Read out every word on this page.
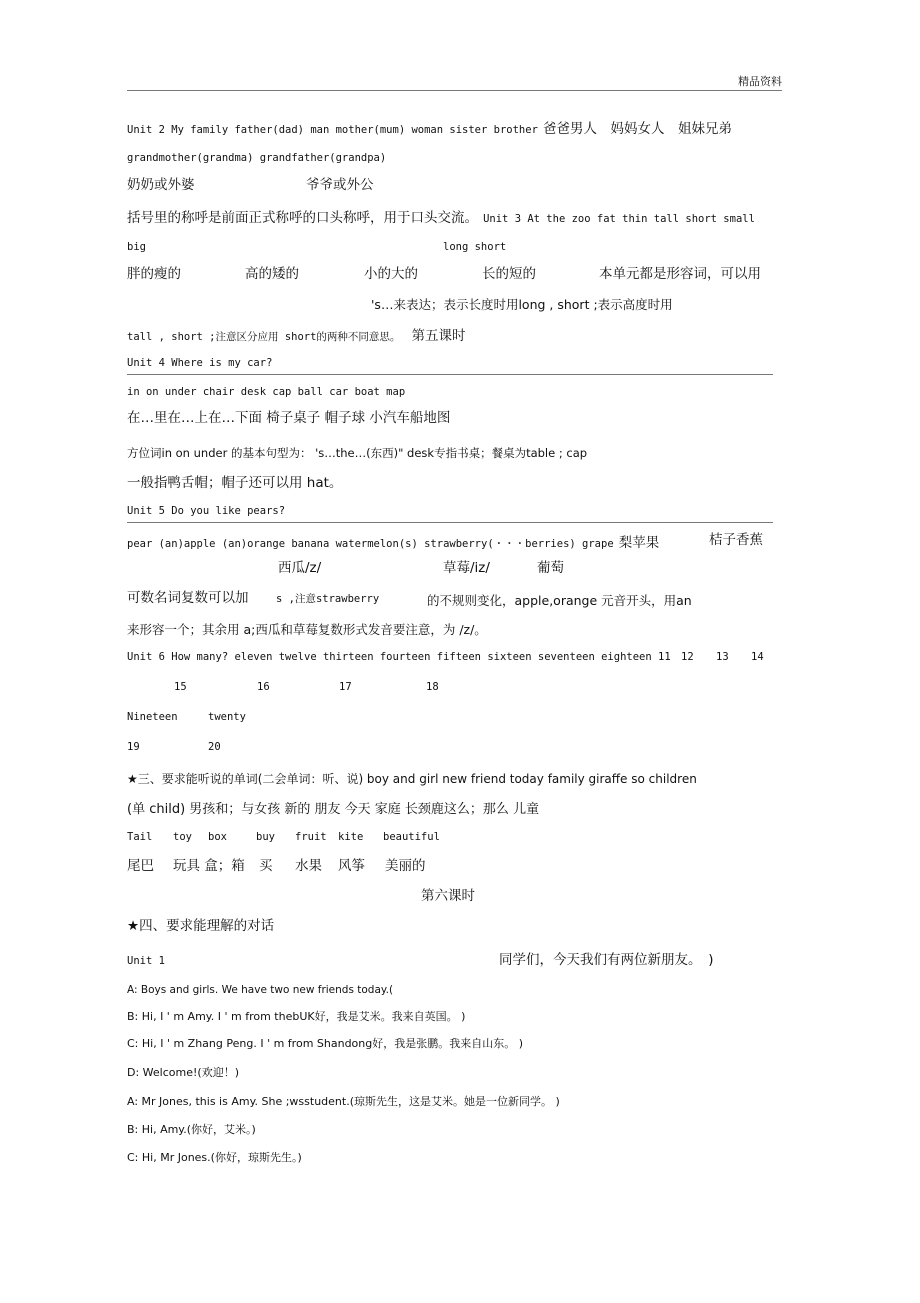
精品资料
Unit 2 My family father(dad) man mother(mum) woman sister brother 爸爸男人　妈妈女人　姐妹兄弟
grandmother(grandma) grandfather(grandpa)
奶奶或外婆	爷爷或外公
括号里的称呼是前面正式称呼的口头称呼，用于口头交流。 Unit 3 At the zoo fat thin tall short small
big	long short
胖的瘦的	高的矮的	小的大的	长的短的	本单元都是形容词，可以用
's…来表达；表示长度时用long , short ;表示高度时用
tall , short ;注意区分应用 short的两种不同意思。 第五课时
Unit 4 Where is my car?
in on under chair desk cap ball car boat map
在…里在…上在…下面 椅子桌子 帽子球 小汽车船地图
方位词in on under 的基本句型为： 's…the…(东西)" desk专指书桌；餐桌为table ; cap
一般指鸭舌帽；帽子还可以用 hat。
Unit 5 Do you like pears?
pear (an)apple (an)orange banana watermelon(s) strawberry(・・・berries) grape 梨苹果	桔子香蕉
西瓜/z/	草莓/iz/	葡萄
可数名词复数可以加	s ,注意strawberry	的不规则变化，apple,orange 元音开头，用an
来形容一个；其余用 a;西瓜和草莓复数形式发音要注意，为 /z/。
Unit 6 How many? eleven twelve thirteen fourteen fifteen sixteen seventeen eighteen 11 12 13 14
15	16	17	18
Nineteen	twenty
19	20
★三、要求能听说的单词(二会单词：听、说) boy and girl new friend today family giraffe so children
(单 child) 男孩和；与女孩 新的 朋友 今天 家庭 长颈鹿这么；那么 儿童
Tail toy box	buy fruit kite beautiful
尾巴 玩具 盒；箱 买 水果 风筝 美丽的
第六课时
★四、要求能理解的对话
Unit 1	同学们，今天我们有两位新朋友。　)
A: Boys and girls. We have two new friends today.(
B: Hi, I ' m Amy. I ' m from thebUK好，我是艾米。我来自英国。 )
C: Hi, I ' m Zhang Peng. I ' m from Shandong好，我是张鹏。我来自山东。 )
D: Welcome!(欢迎！)
A: Mr Jones, this is Amy. She ;wsstudent.(琼斯先生，这是艾米。她是一位新同学。 )
B: Hi, Amy.(你好，艾米。)
C: Hi, Mr Jones.(你好，琼斯先生。)
